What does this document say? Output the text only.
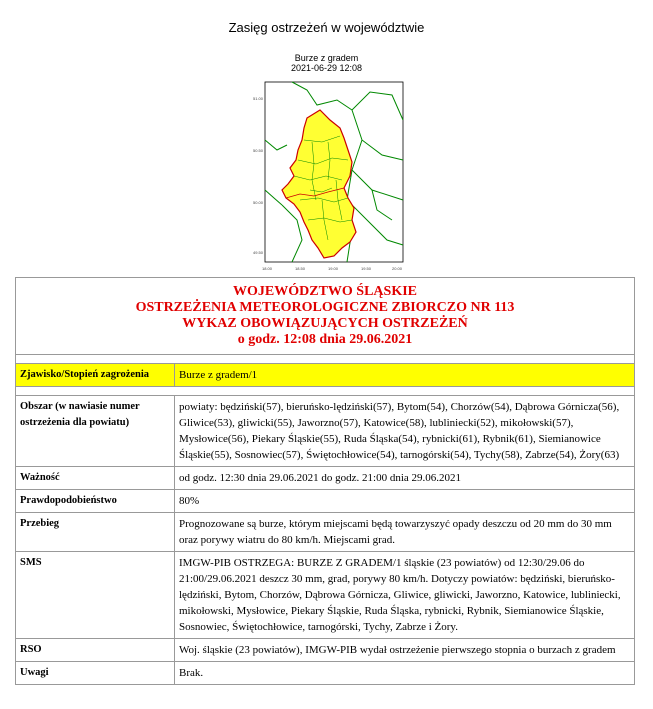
Zasięg ostrzeżeń w województwie
Burze z gradem
2021-06-29 12:08
51.00
50.50
50.00
49.50
18.00	18.50	19.00	19.50	20.00
WOJEWÓDZTWO ŚLĄSKIE
OSTRZEŻENIA METEOROLOGICZNE ZBIORCZO NR 113
WYKAZ OBOWIĄZUJĄCYCH OSTRZEŻEŃ
o godz. 12:08 dnia 29.06.2021	

Zjawisko/Stopień zagrożenia	Burze z gradem/1

Obszar (w nawiasie numer ostrzeżenia dla powiatu)	powiaty: będziński(57), bieruńsko-lędziński(57), Bytom(54), Chorzów(54), Dąbrowa Górnicza(56), Gliwice(53), gliwicki(55), Jaworzno(57), Katowice(58), lubliniecki(52), mikołowski(57), Mysłowice(56), Piekary Śląskie(55), Ruda Śląska(54), rybnicki(61), Rybnik(61), Siemianowice Śląskie(55), Sosnowiec(57), Świętochłowice(54), tarnogórski(54), Tychy(58), Zabrze(54), Żory(63)
Ważność	od godz. 12:30 dnia 29.06.2021 do godz. 21:00 dnia 29.06.2021
Prawdopodobieństwo	80%
Przebieg	Prognozowane są burze, którym miejscami będą towarzyszyć opady deszczu od 20 mm do 30 mm oraz porywy wiatru do 80 km/h. Miejscami grad.
SMS	IMGW-PIB OSTRZEGA: BURZE Z GRADEM/1 śląskie (23 powiatów) od 12:30/29.06 do 21:00/29.06.2021 deszcz 30 mm, grad, porywy 80 km/h. Dotyczy powiatów: będziński, bieruńsko-lędziński, Bytom, Chorzów, Dąbrowa Górnicza, Gliwice, gliwicki, Jaworzno, Katowice, lubliniecki, mikołowski, Mysłowice, Piekary Śląskie, Ruda Śląska, rybnicki, Rybnik, Siemianowice Śląskie, Sosnowiec, Świętochłowice, tarnogórski, Tychy, Zabrze i Żory.
RSO	Woj. śląskie (23 powiatów), IMGW-PIB wydał ostrzeżenie pierwszego stopnia o burzach z gradem
Uwagi	Brak.
